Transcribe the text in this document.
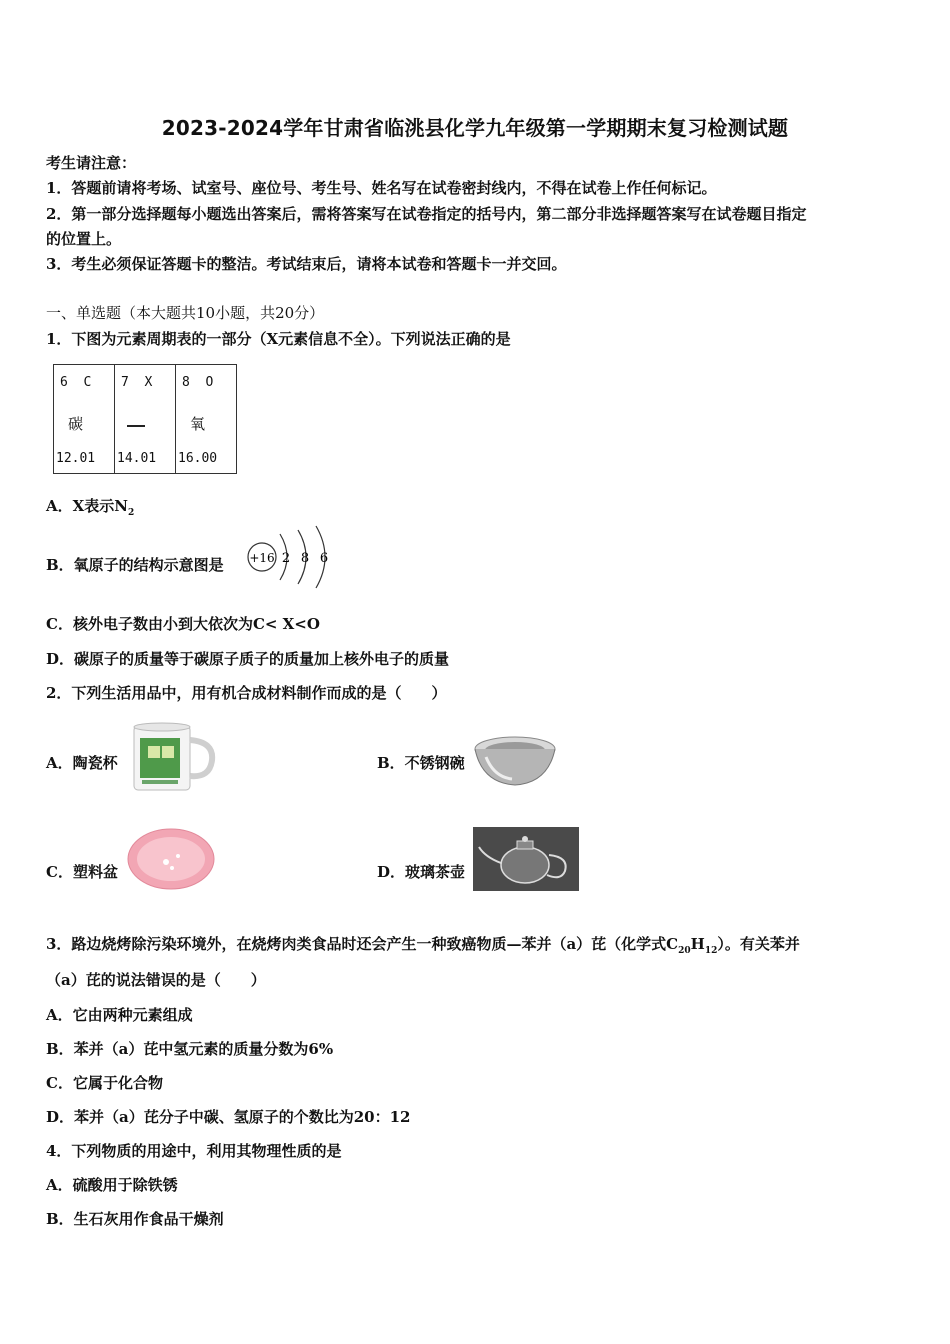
2023-2024学年甘肃省临洮县化学九年级第一学期期末复习检测试题
考生请注意：
1．答题前请将考场、试室号、座位号、考生号、姓名写在试卷密封线内，不得在试卷上作任何标记。
2．第一部分选择题每小题选出答案后，需将答案写在试卷指定的括号内，第二部分非选择题答案写在试卷题目指定
的位置上。
3．考生必须保证答题卡的整洁。考试结束后，请将本试卷和答题卡一并交回。
一、单选题（本大题共10小题，共20分）
1．下图为元素周期表的一部分（X元素信息不全）。下列说法正确的是
6  C
碳
12.01

7  X
14.01

8  O
氧
16.00
A．X表示$N_2$
B．氧原子的结构示意图是 +16 2 8 6
C．核外电子数由小到大依次为C< X<O
D．碳原子的质量等于碳原子质子的质量加上核外电子的质量
2．下列生活用品中，用有机合成材料制作而成的是（　　）
A．陶瓷杯	B．不锈钢碗
C．塑料盆	D．玻璃茶壶
3．路边烧烤除污染环境外，在烧烤肉类食品时还会产生一种致癌物质—苯并（a）芘（化学式$C_{20}H_{12}$）。有关苯并
（a）芘的说法错误的是（　　）
A．它由两种元素组成
B．苯并（a）芘中氢元素的质量分数为6%
C．它属于化合物
D．苯并（a）芘分子中碳、氢原子的个数比为20：12
4．下列物质的用途中，利用其物理性质的是
A．硫酸用于除铁锈
B．生石灰用作食品干燥剂
